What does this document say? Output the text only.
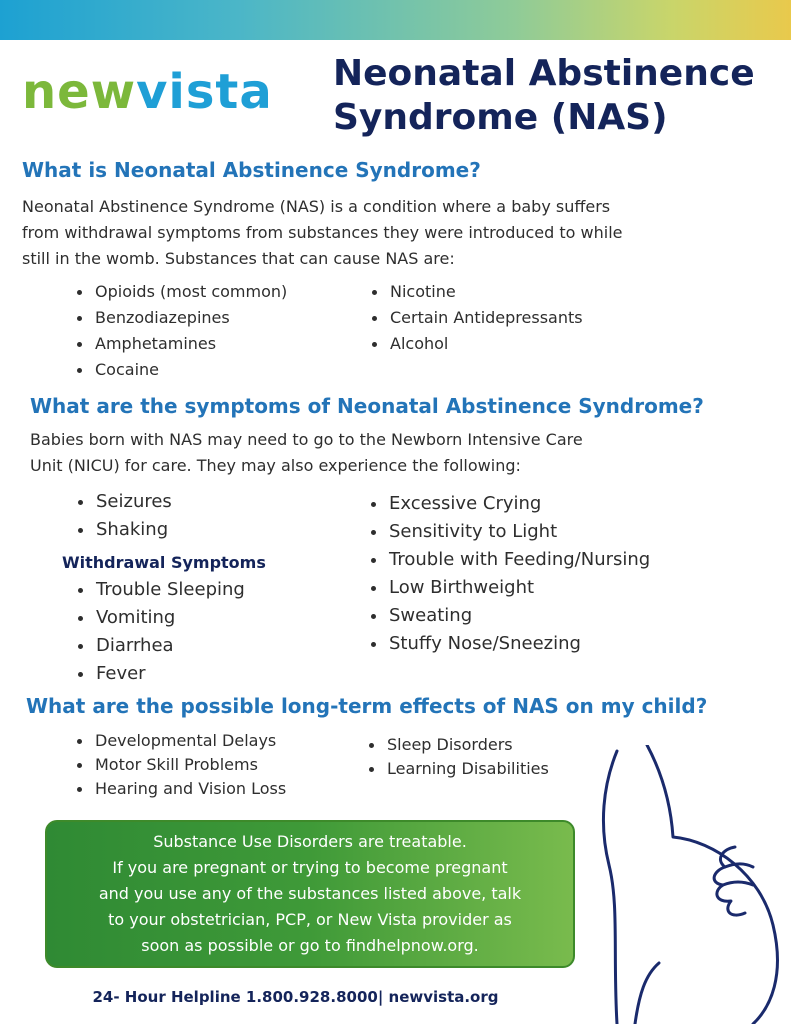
newvista Neonatal Abstinence
Syndrome (NAS)
What is Neonatal Abstinence Syndrome?

Neonatal Abstinence Syndrome (NAS) is a condition where a baby suffers

from withdrawal symptoms from substances they were introduced to while

still in the womb. Substances that can cause NAS are:

Opioids (most common)
Benzodiazepines
Amphetamines
Cocaine
Nicotine
Certain Antidepressants
Alcohol
What are the symptoms of Neonatal Abstinence Syndrome?

Babies born with NAS may need to go to the Newborn Intensive Care

Unit (NICU) for care. They may also experience the following:

Seizures
Shaking

Withdrawal Symptoms

Trouble Sleeping
Vomiting
Diarrhea
Fever
Excessive Crying
Sensitivity to Light
Trouble with Feeding/Nursing
Low Birthweight
Sweating
Stuffy Nose/Sneezing
What are the possible long-term effects of NAS on my child?
Developmental Delays
Motor Skill Problems
Hearing and Vision Loss
Sleep Disorders
Learning Disabilities

Substance Use Disorders are treatable.

If you are pregnant or trying to become pregnant

and you use any of the substances listed above, talk

to your obstetrician, PCP, or New Vista provider as

soon as possible or go to findhelpnow.org.

24- Hour Helpline 1.800.928.8000| newvista.org
